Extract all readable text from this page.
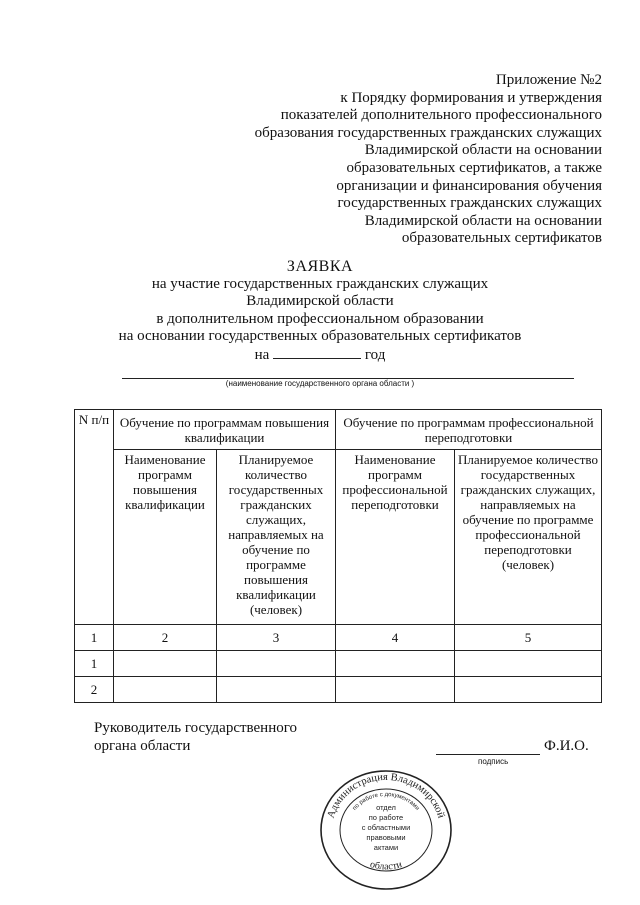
Приложение №2
к Порядку формирования и утверждения
показателей дополнительного профессионального
образования государственных гражданских служащих
Владимирской области на основании
образовательных сертификатов, а также
организации и финансирования обучения
государственных гражданских служащих
Владимирской области на основании
образовательных сертификатов
ЗАЯВКА
на участие государственных гражданских служащих
Владимирской области
в дополнительном профессиональном образовании
на основании государственных образовательных сертификатов
на	год
(наименование государственного органа области )
N п/п	Обучение по программам повышения квалификации		Обучение по программам профессиональной переподготовки	
	Наименование программ повышения квалификации	Планируемое количество государственных гражданских служащих, направляемых на обучение по программе повышения квалификации (человек)	Наименование программ профессиональной переподготовки	Планируемое количество государственных гражданских служащих, направляемых на обучение по программе профессиональной переподготовки (человек)
1	2	3	4	5
1				
2				
Руководитель государственного
органа области	Ф.И.О.
подпись
Администрация Владимирской
области
по работе с документами
отдел
по работе
с областными
правовыми
актами
